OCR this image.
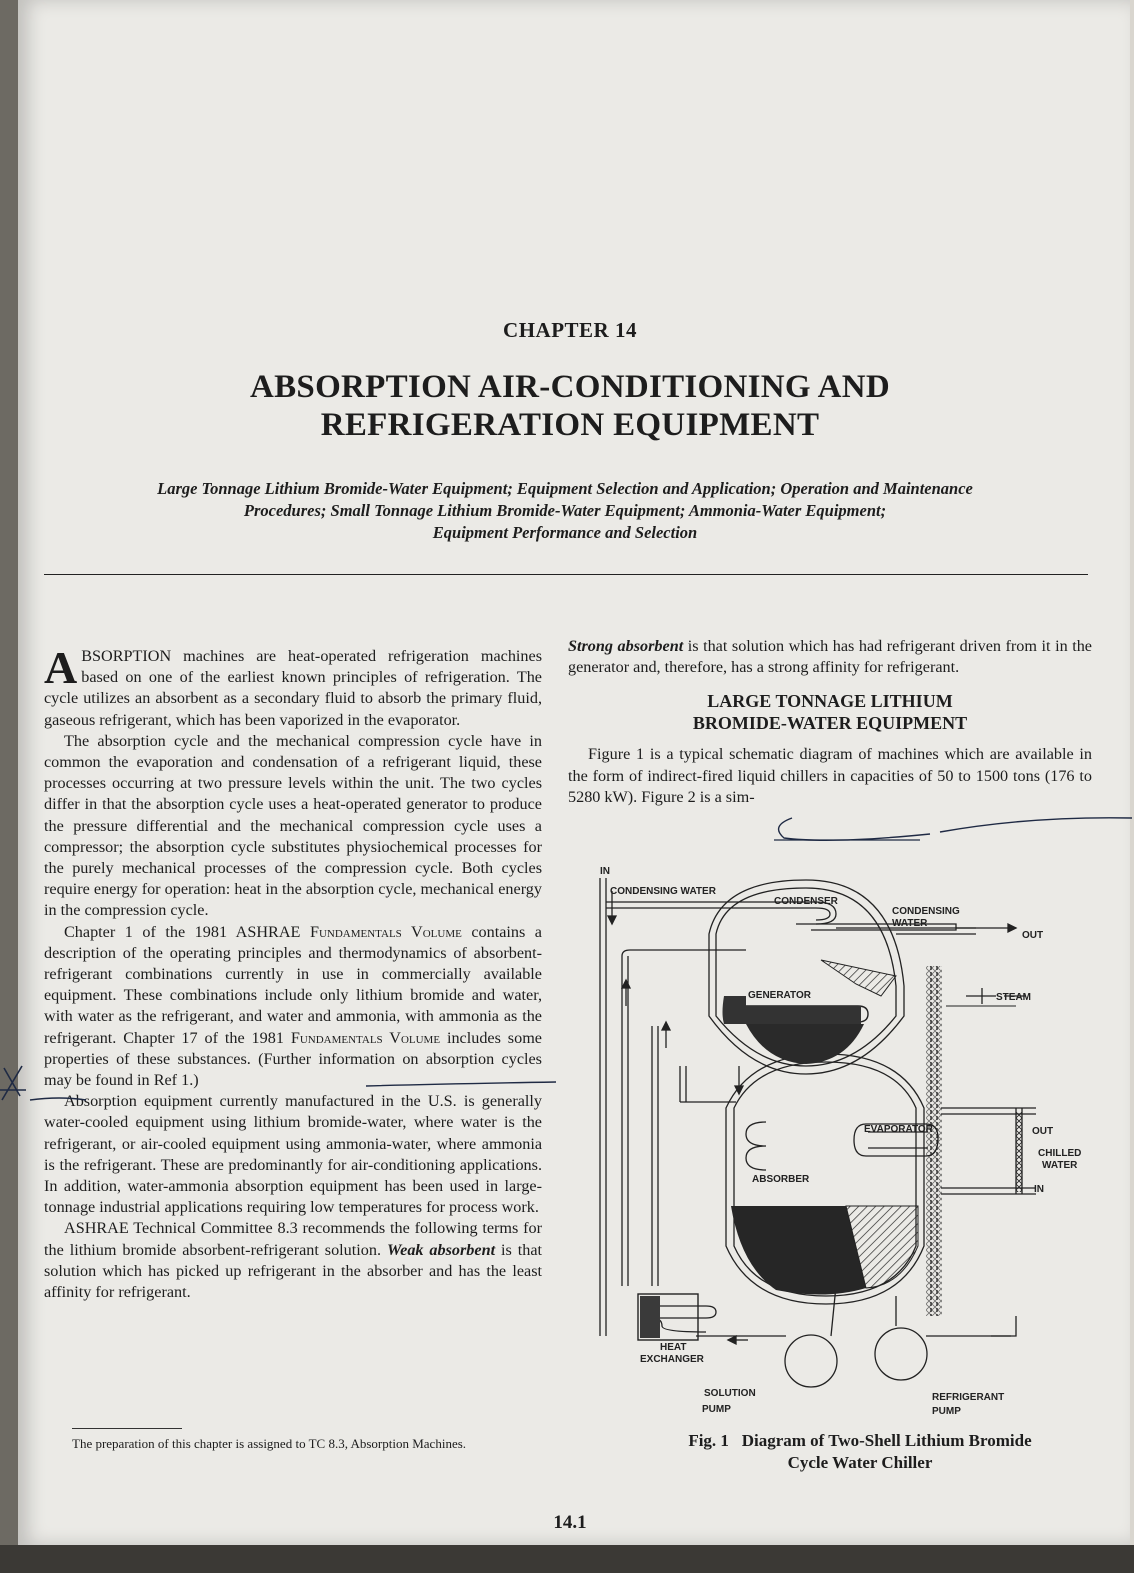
CHAPTER 14
ABSORPTION AIR-CONDITIONING AND
REFRIGERATION EQUIPMENT
Large Tonnage Lithium Bromide-Water Equipment; Equipment Selection and Application; Operation and Maintenance
Procedures; Small Tonnage Lithium Bromide-Water Equipment; Ammonia-Water Equipment;
Equipment Performance and Selection

ABSORPTION machines are heat-operated refrigeration machines based on one of the earliest known principles of refrigeration. The cycle utilizes an absorbent as a secondary fluid to absorb the primary fluid, gaseous refrigerant, which has been vaporized in the evaporator.

The absorption cycle and the mechanical compression cycle have in common the evaporation and condensation of a refrigerant liquid, these processes occurring at two pressure levels within the unit. The two cycles differ in that the absorption cycle uses a heat-operated generator to produce the pressure differential and the mechanical compression cycle uses a compressor; the absorption cycle substitutes physiochemical processes for the purely mechanical processes of the compression cycle. Both cycles require energy for operation: heat in the absorption cycle, mechanical energy in the compression cycle.

Chapter 1 of the 1981 ASHRAE Fundamentals Volume contains a description of the operating principles and thermodynamics of absorbent-refrigerant combinations currently in use in commercially available equipment. These combinations include only lithium bromide and water, with water as the refrigerant, and water and ammonia, with ammonia as the refrigerant. Chapter 17 of the 1981 Fundamentals Volume includes some properties of these substances. (Further information on absorption cycles may be found in Ref 1.)

Absorption equipment currently manufactured in the U.S. is generally water-cooled equipment using lithium bromide-water, where water is the refrigerant, or air-cooled equipment using ammonia-water, where ammonia is the refrigerant. These are predominantly for air-conditioning applications. In addition, water-ammonia absorption equipment has been used in large-tonnage industrial applications requiring low temperatures for process work.

ASHRAE Technical Committee 8.3 recommends the following terms for the lithium bromide absorbent-refrigerant solution. Weak absorbent is that solution which has picked up refrigerant in the absorber and has the least affinity for refrigerant.

Strong absorbent is that solution which has had refrigerant driven from it in the generator and, therefore, has a strong affinity for refrigerant.

LARGE TONNAGE LITHIUM
BROMIDE-WATER EQUIPMENT

Figure 1 is a typical schematic diagram of machines which are available in the form of indirect-fired liquid chillers in capacities of 50 to 1500 tons (176 to 5280 kW). Figure 2 is a sim-

IN
CONDENSING WATER
CONDENSER
CONDENSING
WATER
OUT
GENERATOR	STEAM
EVAPORATOR	OUT
CHILLED
WATER
IN
ABSORBER
HEAT
EXCHANGER
SOLUTION
PUMP
REFRIGERANT
PUMP
Fig. 1 Diagram of Two-Shell Lithium Bromide
Cycle Water Chiller
The preparation of this chapter is assigned to TC 8.3, Absorption Machines.
14.1
